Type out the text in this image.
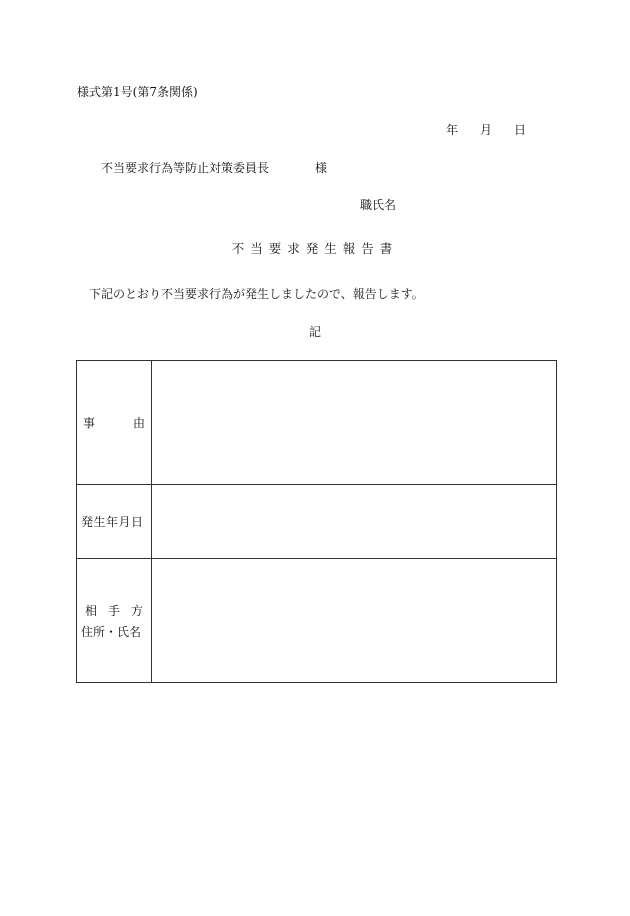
様式第1号(第7条関係)
年 月 日
不当要求行為等防止対策委員長	様
職氏名
不当要求発生報告書
下記のとおり不当要求行為が発生しましたので、報告します。
記
事 由	

発生年月日	

相 手 方
住所・氏名	
